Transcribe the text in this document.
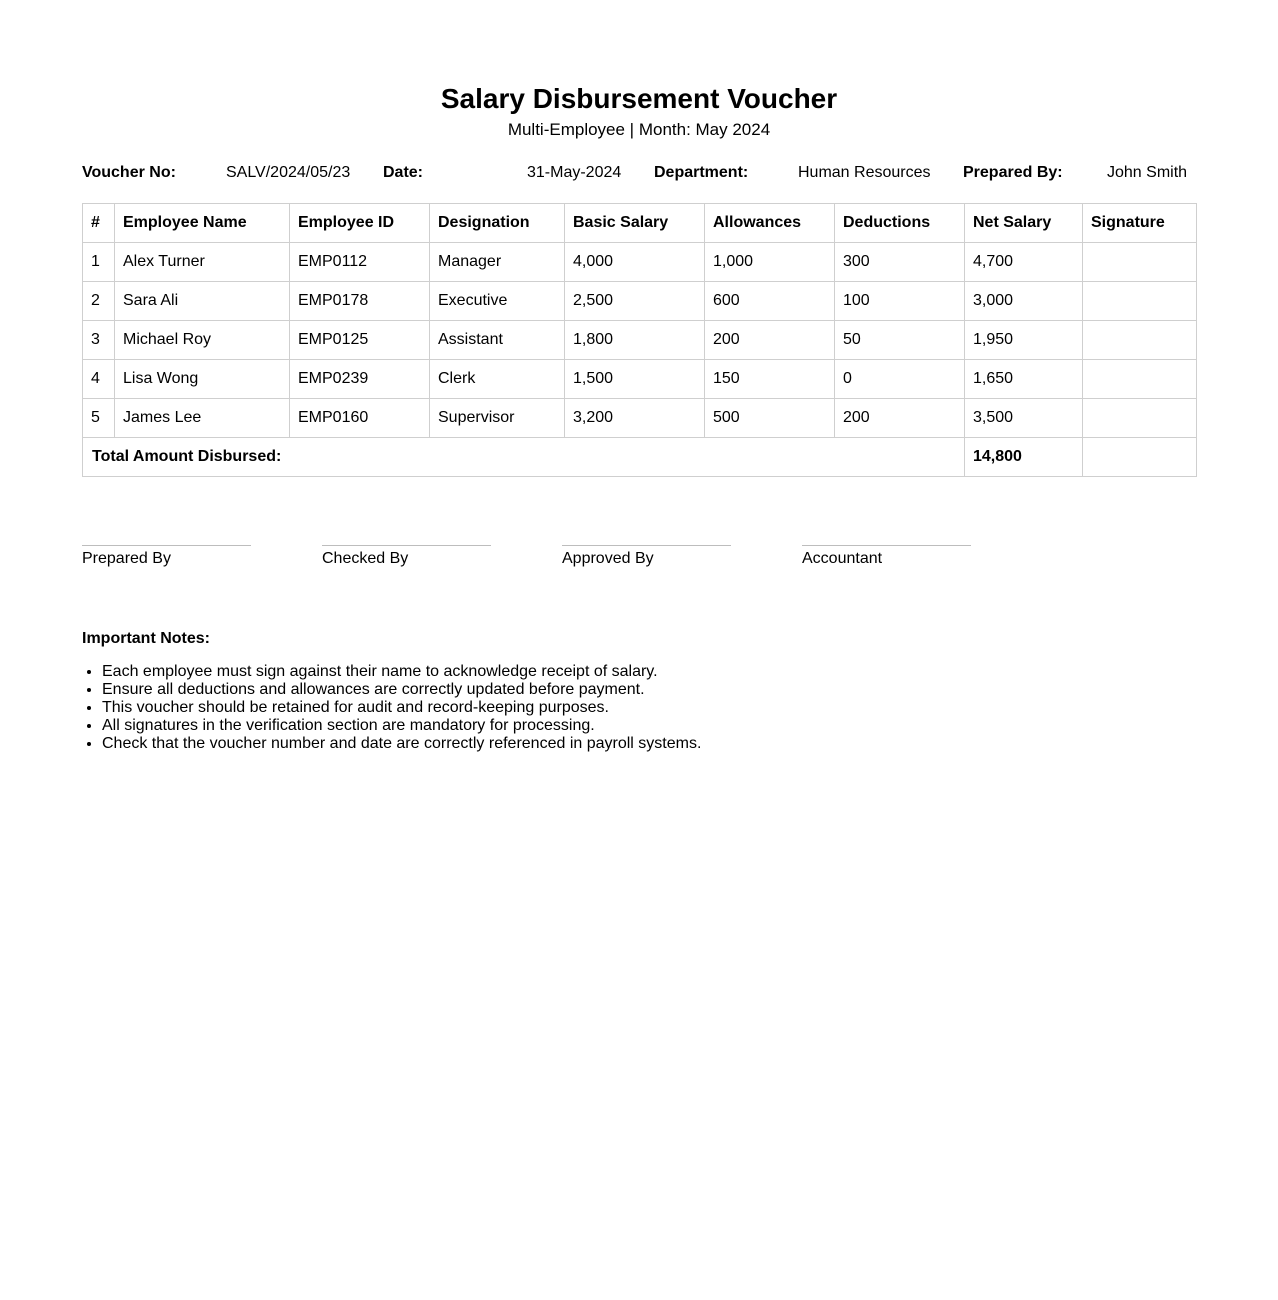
Salary Disbursement Voucher
Multi-Employee | Month: May 2024
Voucher No:	SALV/2024/05/23 Date:	31-May-2024 Department:	Human Resources Prepared By:	John Smith
#	Employee Name	Employee ID	Designation	Basic Salary	Allowances	Deductions	Net Salary	Signature
1	Alex Turner	EMP0112	Manager	4,000	1,000	300	4,700	
2	Sara Ali	EMP0178	Executive	2,500	600	100	3,000	
3	Michael Roy	EMP0125	Assistant	1,800	200	50	1,950	
4	Lisa Wong	EMP0239	Clerk	1,500	150	0	1,650	
5	James Lee	EMP0160	Supervisor	3,200	500	200	3,500	
Total Amount Disbursed:							14,800	
Prepared By	Checked By	Approved By	Accountant
Important Notes:
• Each employee must sign against their name to acknowledge receipt of salary.
• Ensure all deductions and allowances are correctly updated before payment.
• This voucher should be retained for audit and record-keeping purposes.
• All signatures in the verification section are mandatory for processing.
• Check that the voucher number and date are correctly referenced in payroll systems.
